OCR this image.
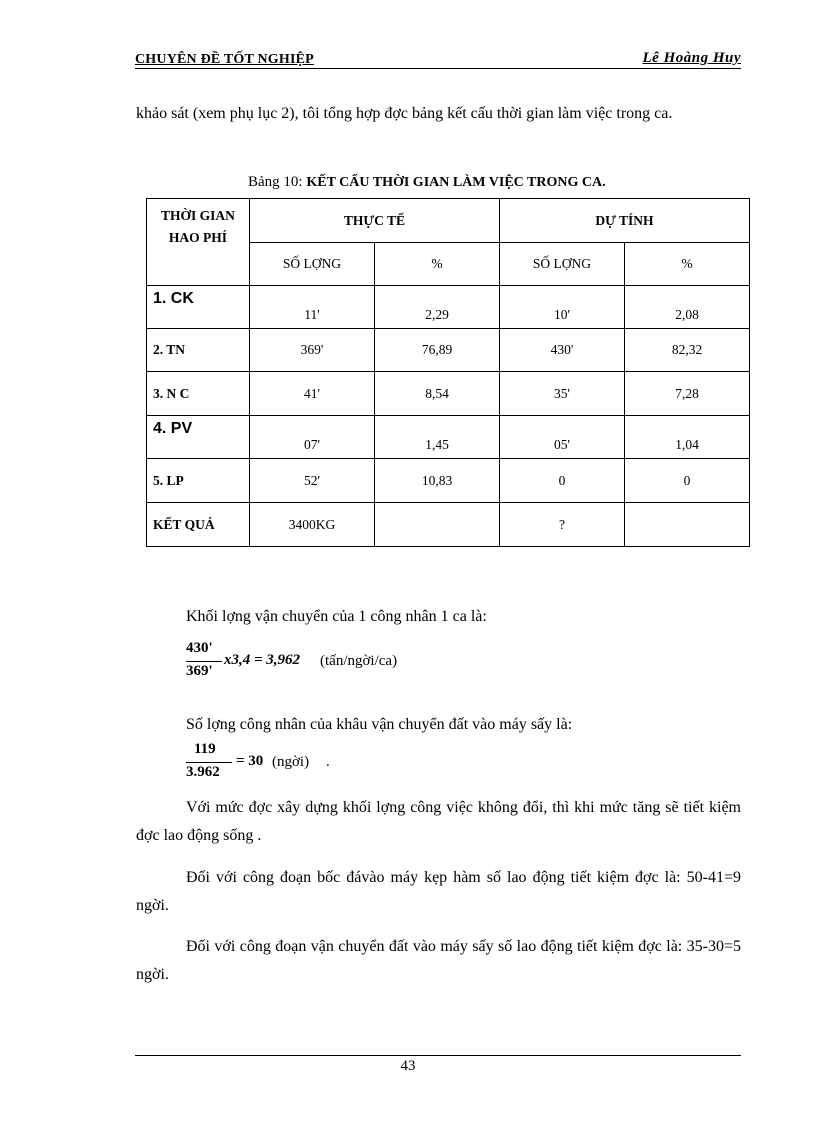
CHUYÊN ĐỀ TỐT NGHIỆP	Lê Hoàng Huy
khảo sát (xem phụ lục 2), tôi tổng hợp đợc bảng kết cấu thời gian làm việc trong ca.
Bảng 10: KẾT CẤU THỜI GIAN LÀM VIỆC TRONG CA.
THỜI GIAN HAO PHÍ	THỰC TẾ		DỰ TÍNH	
	SỐ LỢNG	%	SỐ LỢNG	%
1. CK	11'	2,29	10'	2,08
2. TN	369'	76,89	430'	82,32
3. N C	41'	8,54	35'	7,28
4. PV	07'	1,45	05'	1,04
5. LP	52'	10,83	0	0
KẾT QUẢ	3400KG		?	
Khối lợng vận chuyển của 1 công nhân 1 ca là:
430'
369'
x3,4 = 3,962 (tấn/ngời/ca)
Số lợng công nhân của khâu vận chuyển đất vào máy sấy là:
119
3.962
= 30 (ngời) .
Với mức đợc xây dựng khối lợng công việc không đổi, thì khi mức tăng sẽ tiết kiệm đợc lao động sống .
Đối với công đoạn bốc đávào máy kẹp hàm số lao động tiết kiệm đợc là: 50-41=9 ngời.
Đối với công đoạn vận chuyển đất vào máy sấy số lao động tiết kiệm đợc là: 35-30=5 ngời.
43
